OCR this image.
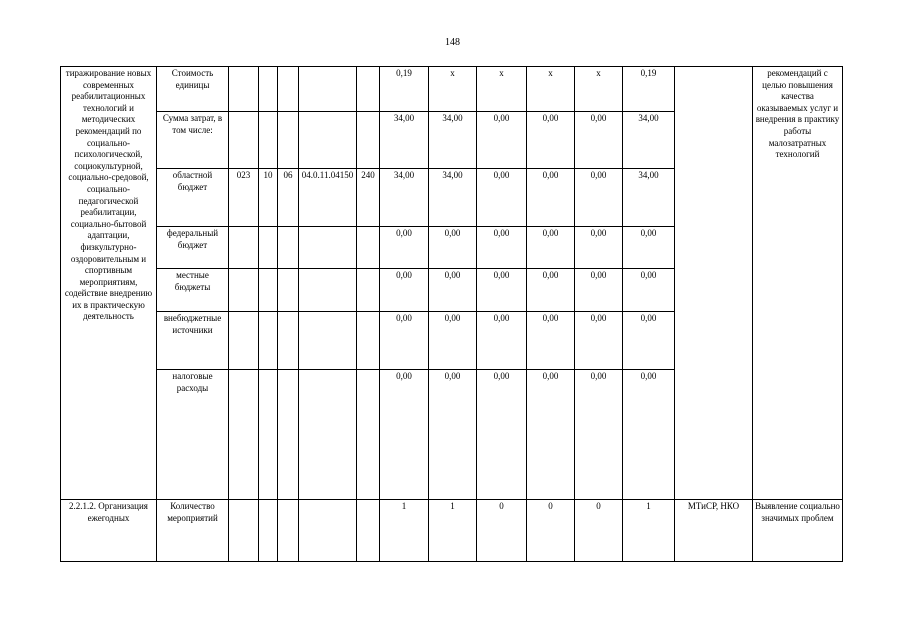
148
тиражирование новых современных реабилитационных технологий и методических рекомендаций по социально-психологической, социокультурной, социально-средовой, социально-педагогической реабилитации, социально-бытовой адаптации, физкультурно-оздоровительным и спортивным мероприятиям, содействие внедрению их в практическую деятельность	Стоимость единицы						0,19	х	х	х	х	0,19		рекомендаций с целью повышения качества оказываемых услуг и внедрения в практику работы малозатратных технологий
	Сумма затрат, в том числе:						34,00	34,00	0,00	0,00	0,00	34,00		
	областной бюджет	023	10	06	04.0.11.04150	240	34,00	34,00	0,00	0,00	0,00	34,00		
	федеральный бюджет						0,00	0,00	0,00	0,00	0,00	0,00		
	местные бюджеты						0,00	0,00	0,00	0,00	0,00	0,00		
	внебюджетные источники						0,00	0,00	0,00	0,00	0,00	0,00		
	налоговые расходы						0,00	0,00	0,00	0,00	0,00	0,00		
2.2.1.2. Организация ежегодных	Количество мероприятий						1	1	0	0	0	1	МТиСР, НКО	Выявление социально значимых проблем
